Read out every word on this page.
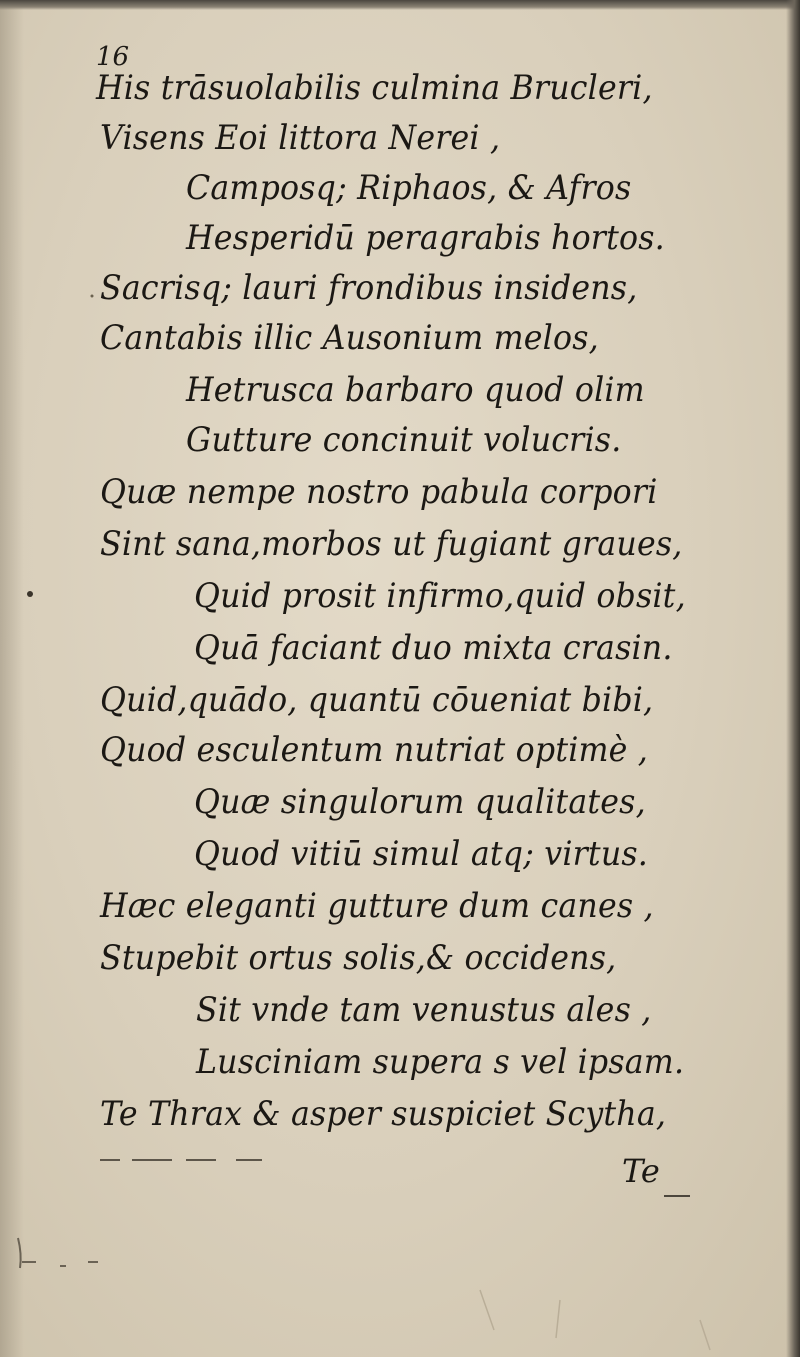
16
His trāsuolabilis culmina Brucleri,
Visens Eoi littora Nerei ,
Camposq; Riphaos, & Afros
Hesperidū peragrabis hortos.
Sacrisq; lauri frondibus insidens,
Cantabis illic Ausonium melos,
Hetrusca barbaro quod olim
Gutture concinuit volucris.
Quæ nempe nostro pabula corpori
Sint sana,morbos ut fugiant graues,
Quid prosit infirmo,quid obsit,
Quā faciant duo mixta crasin.
Quid,quādo, quantū cōueniat bibi,
Quod esculentum nutriat optimè ,
Quæ singulorum qualitates,
Quod vitiū simul atq; virtus.
Hæc eleganti gutture dum canes ,
Stupebit ortus solis,& occidens,
Sit vnde tam venustus ales ,
Lusciniam supera s vel ipsam.
Te Thrax & asper suspiciet Scytha,
Te
